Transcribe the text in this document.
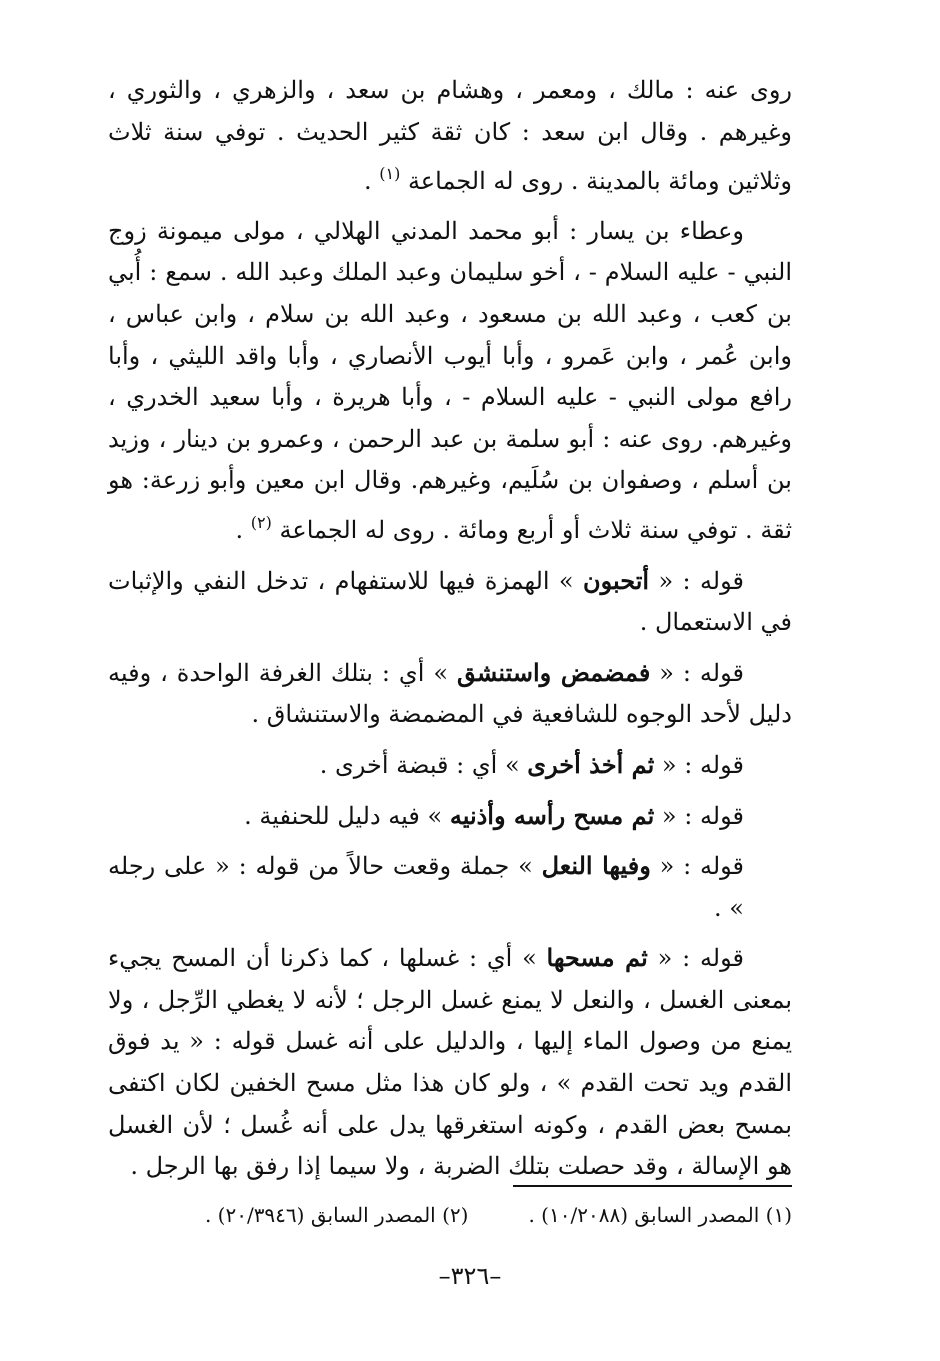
روى عنه : مالك ، ومعمر ، وهشام بن سعد ، والزهري ، والثوري ، وغيرهم . وقال ابن سعد : كان ثقة كثير الحديث . توفي سنة ثلاث وثلاثين ومائة بالمدينة . روى له الجماعة $^{(١)}$ .

وعطاء بن يسار : أبو محمد المدني الهلالي ، مولى ميمونة زوج النبي - عليه السلام - ، أخو سليمان وعبد الملك وعبد الله . سمع : أُبي بن كعب ، وعبد الله بن مسعود ، وعبد الله بن سلام ، وابن عباس ، وابن عُمر ، وابن عَمرو ، وأبا أيوب الأنصاري ، وأبا واقد الليثي ، وأبا رافع مولى النبي - عليه السلام - ، وأبا هريرة ، وأبا سعيد الخدري ، وغيرهم. روى عنه : أبو سلمة بن عبد الرحمن ، وعمرو بن دينار ، وزيد بن أسلم ، وصفوان بن سُلَيم، وغيرهم. وقال ابن معين وأبو زرعة: هو ثقة . توفي سنة ثلاث أو أربع ومائة . روى له الجماعة $^{(٢)}$ .

قوله : « أتحبون » الهمزة فيها للاستفهام ، تدخل النفي والإثبات في الاستعمال .

قوله : « فمضمض واستنشق » أي : بتلك الغرفة الواحدة ، وفيه دليل لأحد الوجوه للشافعية في المضمضة والاستنشاق .

قوله : « ثم أخذ أخرى » أي : قبضة أخرى .

قوله : « ثم مسح رأسه وأذنيه » فيه دليل للحنفية .

قوله : « وفيها النعل » جملة وقعت حالاً من قوله : « على رجله » .

قوله : « ثم مسحها » أي : غسلها ، كما ذكرنا أن المسح يجيء بمعنى الغسل ، والنعل لا يمنع غسل الرجل ؛ لأنه لا يغطي الرِّجل ، ولا يمنع من وصول الماء إليها ، والدليل على أنه غسل قوله : « يد فوق القدم ويد تحت القدم » ، ولو كان هذا مثل مسح الخفين لكان اكتفى بمسح بعض القدم ، وكونه استغرقها يدل على أنه غُسل ؛ لأن الغسل هو الإسالة ، وقد حصلت بتلك الضربة ، ولا سيما إذا رفق بها الرجل .

(١) المصدر السابق (١٠/٢٠٨٨) .
(٢) المصدر السابق (٢٠/٣٩٤٦) .
–٣٢٦–
